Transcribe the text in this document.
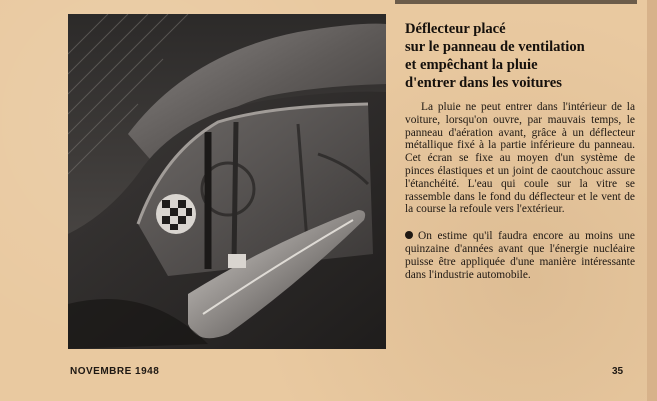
Déflecteur placé
sur le panneau de ventilation
et empêchant la pluie
d'entrer dans les voitures

La pluie ne peut entrer dans l'intérieur de la voiture, lorsqu'on ouvre, par mauvais temps, le panneau d'aération avant, grâce à un déflecteur métallique fixé à la partie inférieure du panneau. Cet écran se fixe au moyen d'un système de pinces élastiques et un joint de caoutchouc assure l'étanchéité. L'eau qui coule sur la vitre se rassemble dans le fond du déflecteur et le vent de la course la refoule vers l'extérieur.

On estime qu'il faudra encore au moins une quinzaine d'années avant que l'énergie nucléaire puisse être appliquée d'une manière intéressante dans l'industrie automobile.

NOVEMBRE 1948	35
